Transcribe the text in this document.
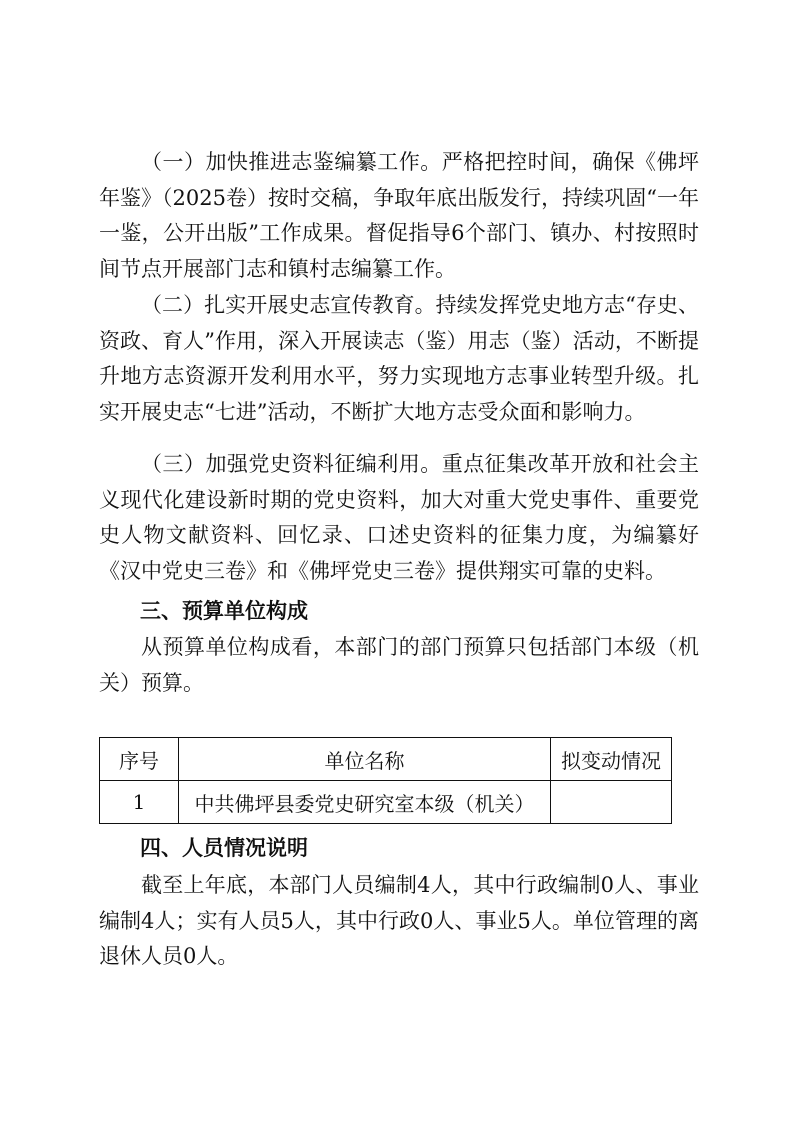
（一）加快推进志鉴编纂工作。严格把控时间，确保《佛坪年鉴》（2025卷）按时交稿，争取年底出版发行，持续巩固“一年一鉴，公开出版”工作成果。督促指导6个部门、镇办、村按照时间节点开展部门志和镇村志编纂工作。

（二）扎实开展史志宣传教育。持续发挥党史地方志“存史、资政、育人”作用，深入开展读志（鉴）用志（鉴）活动，不断提升地方志资源开发利用水平，努力实现地方志事业转型升级。扎实开展史志“七进”活动，不断扩大地方志受众面和影响力。

（三）加强党史资料征编利用。重点征集改革开放和社会主义现代化建设新时期的党史资料，加大对重大党史事件、重要党史人物文献资料、回忆录、口述史资料的征集力度，为编纂好《汉中党史三卷》和《佛坪党史三卷》提供翔实可靠的史料。

三、预算单位构成

从预算单位构成看，本部门的部门预算只包括部门本级（机关）预算。

序号	单位名称	拟变动情况
1	中共佛坪县委党史研究室本级（机关）	
四、人员情况说明

截至上年底，本部门人员编制4人，其中行政编制0人、事业编制4人；实有人员5人，其中行政0人、事业5人。单位管理的离退休人员0人。
